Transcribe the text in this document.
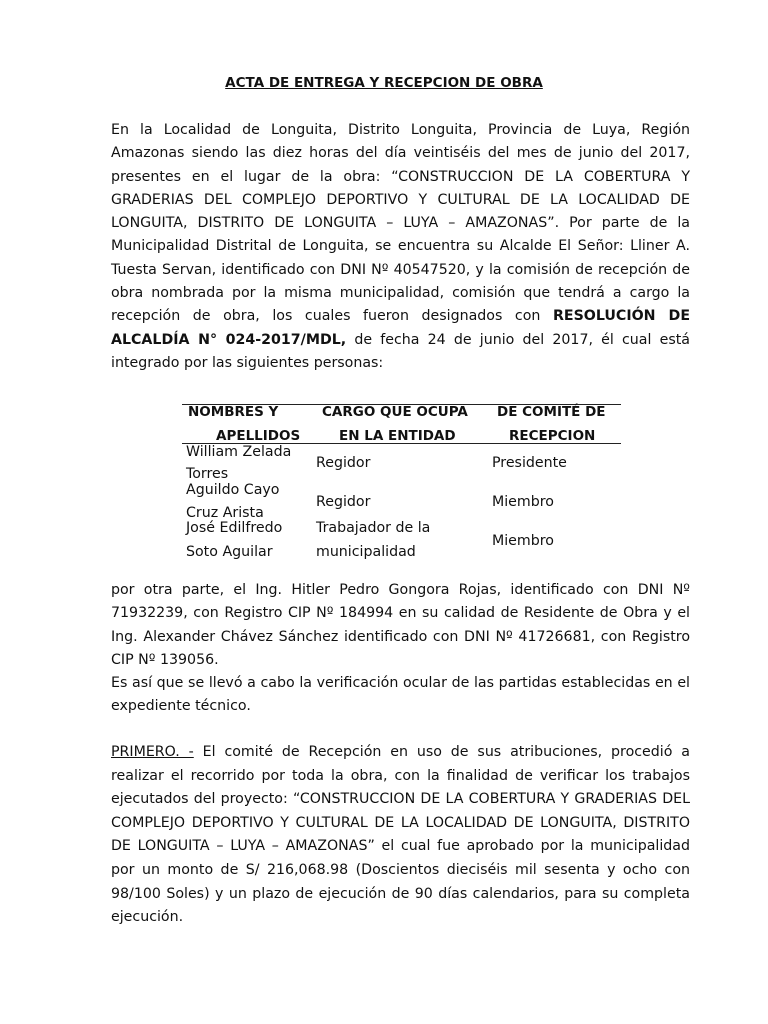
ACTA DE ENTREGA Y RECEPCION DE OBRA

En la Localidad de Longuita, Distrito Longuita, Provincia de Luya, Región Amazonas siendo las diez horas del día veintiséis del mes de junio del 2017, presentes en el lugar de la obra: “CONSTRUCCION DE LA COBERTURA Y GRADERIAS DEL COMPLEJO DEPORTIVO Y CULTURAL DE LA LOCALIDAD DE LONGUITA, DISTRITO DE LONGUITA – LUYA – AMAZONAS”. Por parte de la Municipalidad Distrital de Longuita, se encuentra su Alcalde El Señor: Lliner A. Tuesta Servan, identificado con DNI Nº 40547520, y la comisión de recepción de obra nombrada por la misma municipalidad, comisión que tendrá a cargo la recepción de obra, los cuales fueron designados con RESOLUCIÓN DE ALCALDÍA N° 024-2017/MDL, de fecha 24 de junio del 2017, él cual está integrado por las siguientes personas:

NOMBRES Y
APELLIDOS
CARGO QUE OCUPA
EN LA ENTIDAD
DE COMITÉ DE
RECEPCION
William Zelada
Torres
Regidor	Presidente
Aguildo Cayo
Cruz Arista
Regidor	Miembro
José Edilfredo
Soto Aguilar
Trabajador de la
municipalidad
Miembro

por otra parte, el Ing. Hitler Pedro Gongora Rojas, identificado con DNI Nº 71932239, con Registro CIP Nº 184994 en su calidad de Residente de Obra y el Ing. Alexander Chávez Sánchez identificado con DNI Nº 41726681, con Registro CIP Nº 139056.
Es así que se llevó a cabo la verificación ocular de las partidas establecidas en el expediente técnico.

PRIMERO. - El comité de Recepción en uso de sus atribuciones, procedió a realizar el recorrido por toda la obra, con la finalidad de verificar los trabajos ejecutados del proyecto: “CONSTRUCCION DE LA COBERTURA Y GRADERIAS DEL COMPLEJO DEPORTIVO Y CULTURAL DE LA LOCALIDAD DE LONGUITA, DISTRITO DE LONGUITA – LUYA – AMAZONAS” el cual fue aprobado por la municipalidad por un monto de S/ 216,068.98 (Doscientos dieciséis mil sesenta y ocho con 98/100 Soles) y un plazo de ejecución de 90 días calendarios, para su completa ejecución.
